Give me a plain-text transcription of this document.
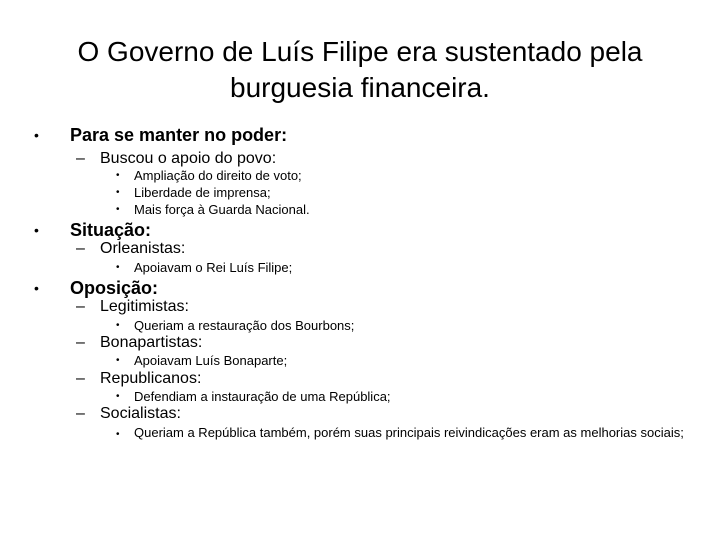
O Governo de Luís Filipe era sustentado pela
burguesia financeira.
• Para se manter no poder:
– Buscou o apoio do povo:
• Ampliação do direito de voto;
• Liberdade de imprensa;
• Mais força à Guarda Nacional.
• Situação:
– Orleanistas:
• Apoiavam o Rei Luís Filipe;
• Oposição:
– Legitimistas:
• Queriam a restauração dos Bourbons;
– Bonapartistas:
• Apoiavam Luís Bonaparte;
– Republicanos:
• Defendiam a instauração de uma República;
– Socialistas:
• Queriam a República também, porém suas principais reivindicações eram as melhorias sociais;
